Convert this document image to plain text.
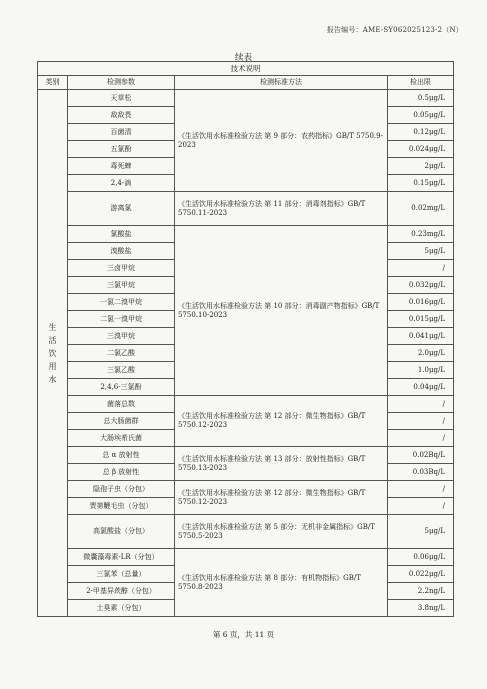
报告编号：AME-SY062025123-2（N）
续表
技术说明			
类别	检测参数	检测标准方法	检出限
生活饮用水	天草松	《生活饮用水标准检验方法 第 9 部分：农药指标》GB/T 5750.9-2023	0.5μg/L
	敌敌畏		0.05μg/L
	百菌清		0.12μg/L
	五氯酚		0.024μg/L
	毒死蜱		2μg/L
	2,4-滴		0.15μg/L
	游离氯	《生活饮用水标准检验方法 第 11 部分：消毒剂指标》GB/T 5750.11-2023	0.02mg/L
	氯酸盐	《生活饮用水标准检验方法 第 10 部分：消毒副产物指标》GB/T 5750.10-2023	0.23mg/L
	溴酸盐		5μg/L
	三卤甲烷		/
	三氯甲烷		0.032μg/L
	一氯二溴甲烷		0.016μg/L
	二氯一溴甲烷		0.015μg/L
	三溴甲烷		0.041μg/L
	二氯乙酸		2.0μg/L
	三氯乙酸		1.0μg/L
	2,4,6-三氯酚		0.04μg/L
	菌落总数	《生活饮用水标准检验方法 第 12 部分：微生物指标》GB/T 5750.12-2023	/
	总大肠菌群		/
	大肠埃希氏菌		/
	总 α 放射性	《生活饮用水标准检验方法 第 13 部分：放射性指标》GB/T 5750.13-2023	0.02Bq/L
	总 β 放射性		0.03Bq/L
	隐孢子虫（分包）	《生活饮用水标准检验方法 第 12 部分：微生物指标》GB/T 5750.12-2023	/
	贾第鞭毛虫（分包）		/
	高氯酸盐（分包）	《生活饮用水标准检验方法 第 5 部分：无机非金属指标》GB/T 5750.5-2023	5μg/L
	微囊藻毒素-LR（分包）	《生活饮用水标准检验方法 第 8 部分：有机物指标》GB/T 5750.8-2023	0.06μg/L
	三氯苯（总量）		0.022μg/L
	2-甲基异莰醇（分包）		2.2ng/L
	土臭素（分包）		3.8ng/L
第 6 页，共 11 页
